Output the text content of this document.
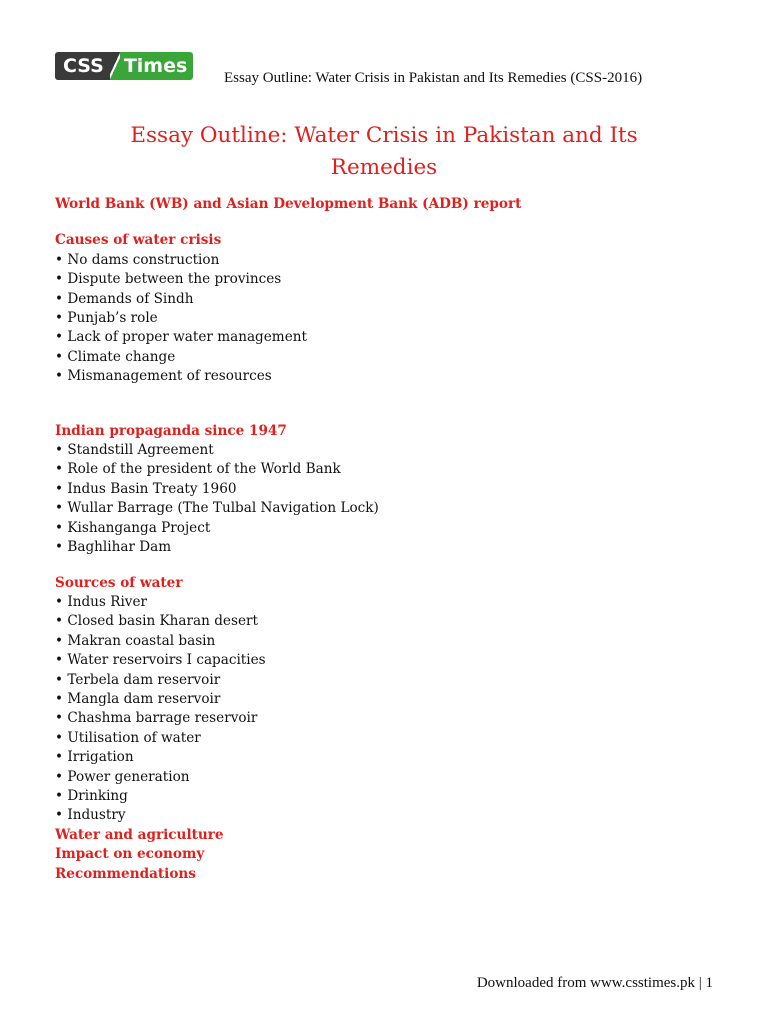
CSS	Times
Essay Outline: Water Crisis in Pakistan and Its Remedies (CSS-2016)
Essay Outline: Water Crisis in Pakistan and Its Remedies

World Bank (WB) and Asian Development Bank (ADB) report

Causes of water crisis

• No dams construction
• Dispute between the provinces
• Demands of Sindh
• Punjab’s role
• Lack of proper water management
• Climate change
• Mismanagement of resources

Indian propaganda since 1947

• Standstill Agreement
• Role of the president of the World Bank
• Indus Basin Treaty 1960
• Wullar Barrage (The Tulbal Navigation Lock)
• Kishanganga Project
• Baghlihar Dam

Sources of water

• Indus River
• Closed basin Kharan desert
• Makran coastal basin
• Water reservoirs I capacities
• Terbela dam reservoir
• Mangla dam reservoir
• Chashma barrage reservoir
• Utilisation of water
• Irrigation
• Power generation
• Drinking
• Industry

Water and agriculture

Impact on economy

Recommendations

Downloaded from www.csstimes.pk | 1
